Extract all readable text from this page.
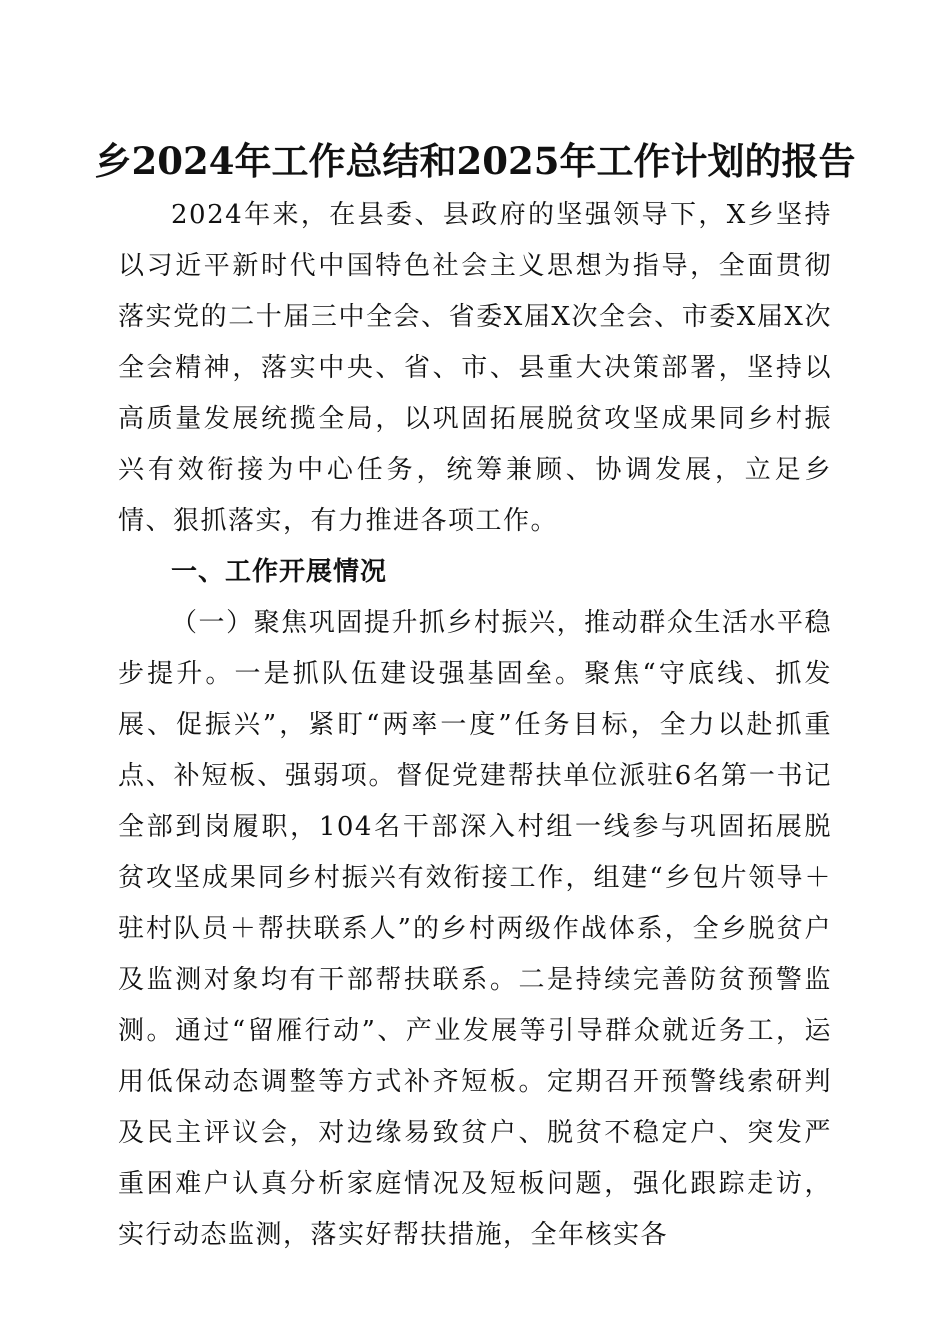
乡2024年工作总结和2025年工作计划的报告

2024年来，在县委、县政府的坚强领导下，X乡坚持以习近平新时代中国特色社会主义思想为指导，全面贯彻落实党的二十届三中全会、省委X届X次全会、市委X届X次全会精神，落实中央、省、市、县重大决策部署，坚持以高质量发展统揽全局，以巩固拓展脱贫攻坚成果同乡村振兴有效衔接为中心任务，统筹兼顾、协调发展，立足乡情、狠抓落实，有力推进各项工作。

一、工作开展情况

（一）聚焦巩固提升抓乡村振兴，推动群众生活水平稳步提升。一是抓队伍建设强基固垒。聚焦“守底线、抓发展、促振兴”，紧盯“两率一度”任务目标，全力以赴抓重点、补短板、强弱项。督促党建帮扶单位派驻6名第一书记全部到岗履职，104名干部深入村组一线参与巩固拓展脱贫攻坚成果同乡村振兴有效衔接工作，组建“乡包片领导＋驻村队员＋帮扶联系人”的乡村两级作战体系，全乡脱贫户及监测对象均有干部帮扶联系。二是持续完善防贫预警监测。通过“留雁行动”、产业发展等引导群众就近务工，运用低保动态调整等方式补齐短板。定期召开预警线索研判及民主评议会，对边缘易致贫户、脱贫不稳定户、突发严重困难户认真分析家庭情况及短板问题，强化跟踪走访，实行动态监测，落实好帮扶措施，全年核实各
